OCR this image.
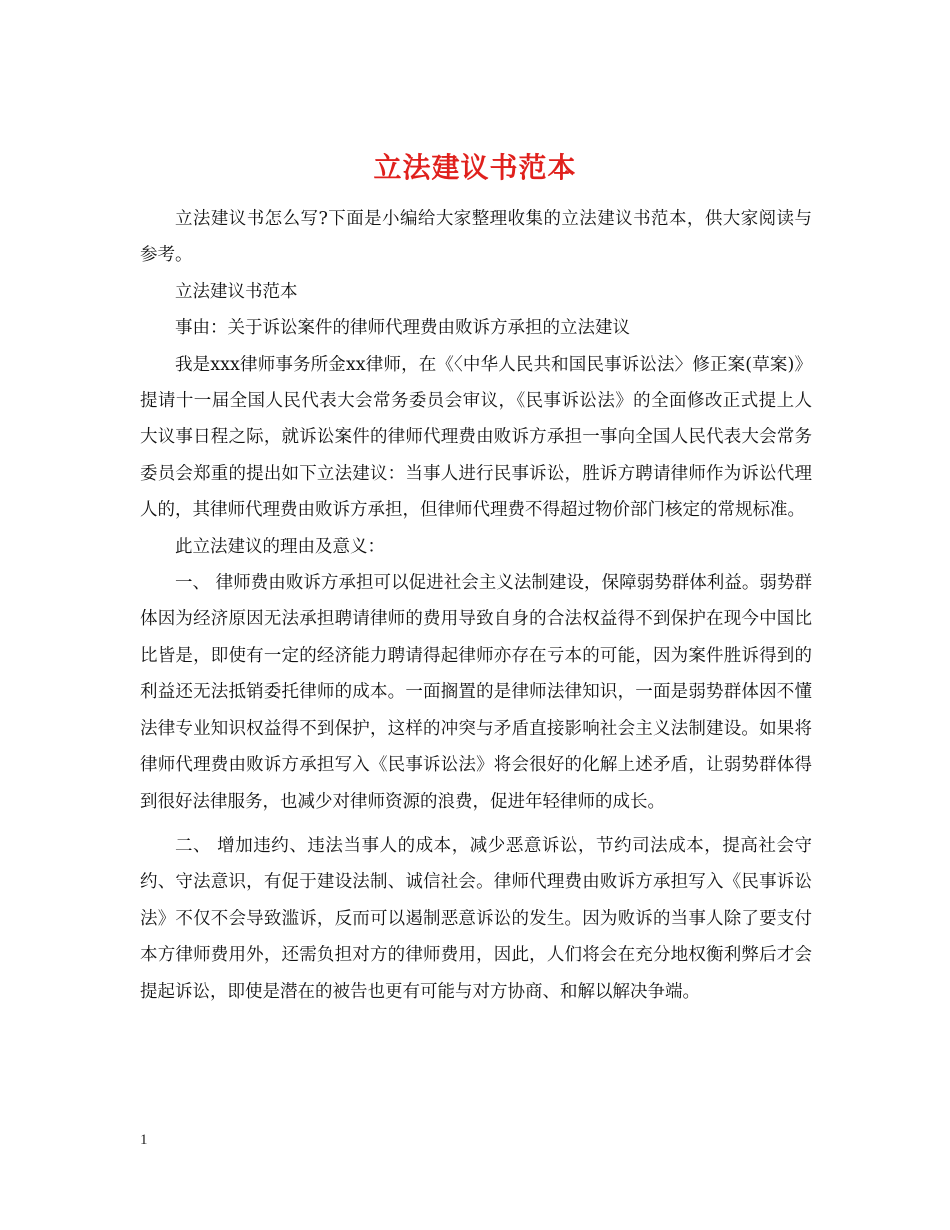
立法建议书范本

立法建议书怎么写?下面是小编给大家整理收集的立法建议书范本，供大家阅读与参考。

立法建议书范本

事由：关于诉讼案件的律师代理费由败诉方承担的立法建议

我是xxx律师事务所金xx律师，在《〈中华人民共和国民事诉讼法〉修正案(草案)》提请十一届全国人民代表大会常务委员会审议，《民事诉讼法》的全面修改正式提上人大议事日程之际，就诉讼案件的律师代理费由败诉方承担一事向全国人民代表大会常务委员会郑重的提出如下立法建议：当事人进行民事诉讼，胜诉方聘请律师作为诉讼代理人的，其律师代理费由败诉方承担，但律师代理费不得超过物价部门核定的常规标准。

此立法建议的理由及意义：

一、 律师费由败诉方承担可以促进社会主义法制建设，保障弱势群体利益。弱势群体因为经济原因无法承担聘请律师的费用导致自身的合法权益得不到保护在现今中国比比皆是，即使有一定的经济能力聘请得起律师亦存在亏本的可能，因为案件胜诉得到的利益还无法抵销委托律师的成本。一面搁置的是律师法律知识，一面是弱势群体因不懂法律专业知识权益得不到保护，这样的冲突与矛盾直接影响社会主义法制建设。如果将律师代理费由败诉方承担写入《民事诉讼法》将会很好的化解上述矛盾，让弱势群体得到很好法律服务，也减少对律师资源的浪费，促进年轻律师的成长。

二、 增加违约、违法当事人的成本，减少恶意诉讼，节约司法成本，提高社会守约、守法意识，有促于建设法制、诚信社会。律师代理费由败诉方承担写入《民事诉讼法》不仅不会导致滥诉，反而可以遏制恶意诉讼的发生。因为败诉的当事人除了要支付本方律师费用外，还需负担对方的律师费用，因此，人们将会在充分地权衡利弊后才会提起诉讼，即使是潜在的被告也更有可能与对方协商、和解以解决争端。

1
